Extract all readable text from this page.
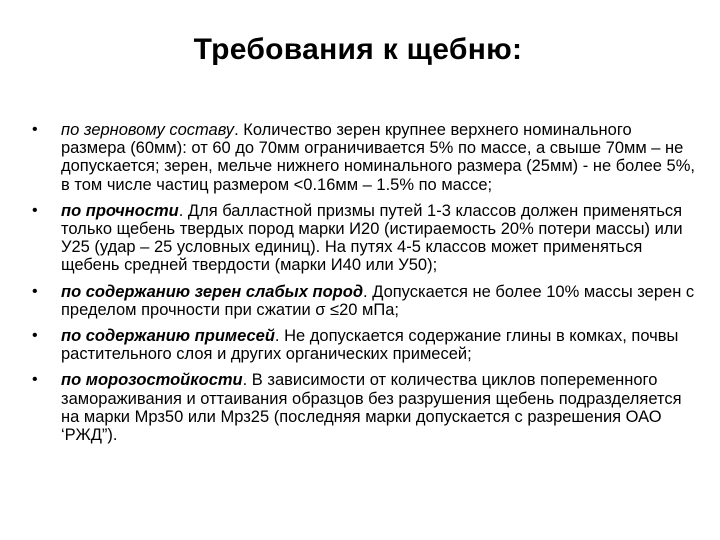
Требования к щебню:
• по зерновому составу. Количество зерен крупнее верхнего номинального размера (60мм): от 60 до 70мм ограничивается 5% по массе, а свыше 70мм – не допускается; зерен, мельче нижнего номинального размера (25мм) - не более 5%, в том числе частиц размером <0.16мм – 1.5% по массе;
• по прочности. Для балластной призмы путей 1-3 классов должен применяться только щебень твердых пород марки И20 (истираемость 20% потери массы) или У25 (удар – 25 условных единиц). На путях 4-5 классов может применяться щебень средней твердости (марки И40 или У50);
• по содержанию зерен слабых пород. Допускается не более 10% массы зерен с пределом прочности при сжатии σ ≤20 мПа;
• по содержанию примесей. Не допускается содержание глины в комках, почвы растительного слоя и других органических примесей;
• по морозостойкости. В зависимости от количества циклов попеременного замораживания и оттаивания образцов без разрушения щебень подразделяется на марки Мрз50 или Мрз25 (последняя марки допускается с разрешения ОАО ‘РЖД”).
